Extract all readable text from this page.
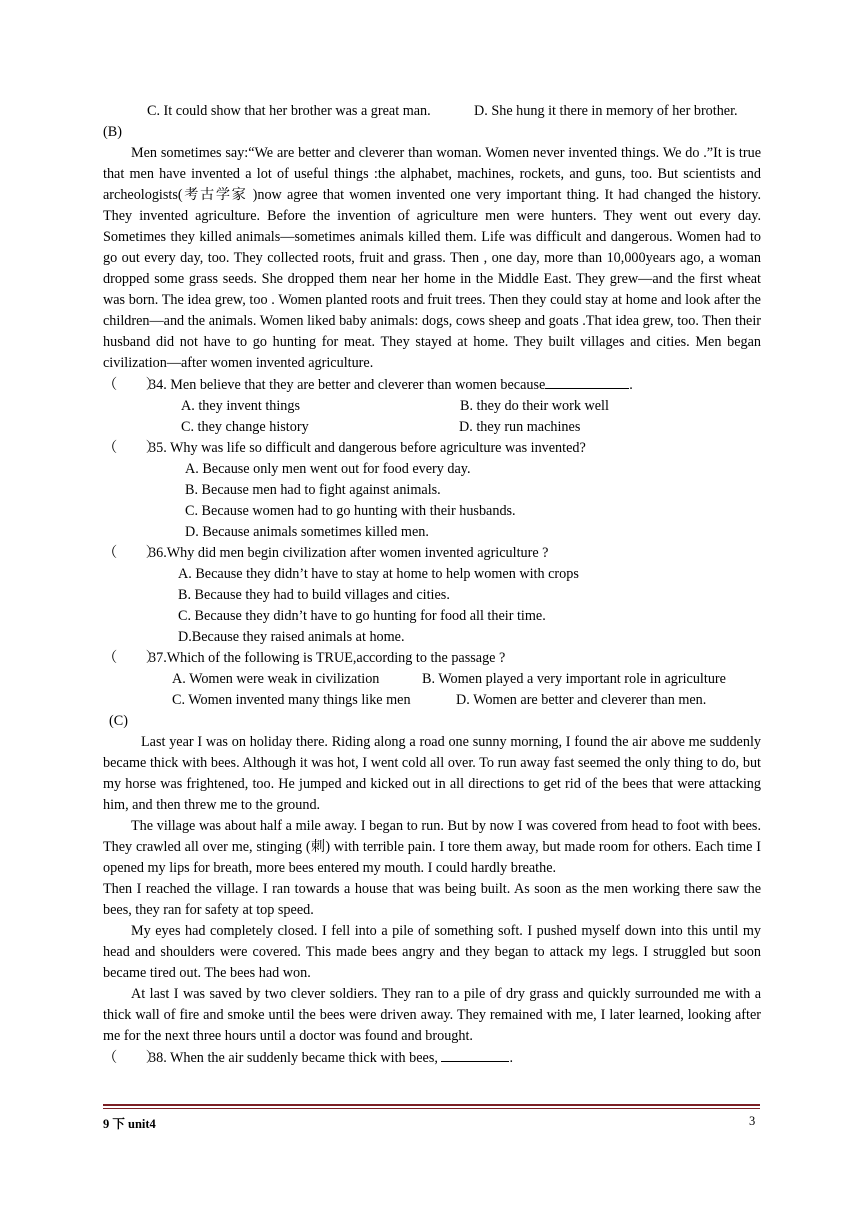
C. It could show that her brother was a great man.	D. She hung it there in memory of her brother.
(B)
Men sometimes say:“We are better and cleverer than woman. Women never invented things. We do .”It is true that men have invented a lot of useful things :the alphabet, machines, rockets, and guns, too. But scientists and archeologists(考古学家 )now agree that women invented one very important thing. It had changed the history. They invented agriculture. Before the invention of agriculture men were hunters. They went out every day. Sometimes they killed animals—sometimes animals killed them. Life was difficult and dangerous. Women had to go out every day, too. They collected roots, fruit and grass. Then , one day, more than 10,000years ago, a woman dropped some grass seeds. She dropped them near her home in the Middle East. They grew—and the first wheat was born. The idea grew, too . Women planted roots and fruit trees. Then they could stay at home and look after the children—and the animals. Women liked baby animals: dogs, cows sheep and goats .That idea grew, too. Then their husband did not have to go hunting for meat. They stayed at home. They built villages and cities. Men began civilization—after women invented agriculture.
（　　）34. Men believe that they are better and cleverer than women because	.
A. they invent things	B. they do their work well
C. they change history	D. they run machines
（　　）35. Why was life so difficult and dangerous before agriculture was invented?
A. Because only men went out for food every day.
B. Because men had to fight against animals.
C. Because women had to go hunting with their husbands.
D. Because animals sometimes killed men.
（　　）36.Why did men begin civilization after women invented agriculture ?
A. Because they didn’t have to stay at home to help women with crops
B. Because they had to build villages and cities.
C. Because they didn’t have to go hunting for food all their time.
D.Because they raised animals at home.
（　　）37.Which of the following is TRUE,according to the passage ?
A. Women were weak in civilization	B. Women played a very important role in agriculture
C. Women invented many things like men	D. Women are better and cleverer than men.
(C)
Last year I was on holiday there. Riding along a road one sunny morning, I found the air above me suddenly became thick with bees. Although it was hot, I went cold all over. To run away fast seemed the only thing to do, but my horse was frightened, too. He jumped and kicked out in all directions to get rid of the bees that were attacking him, and then threw me to the ground.
The village was about half a mile away. I began to run. But by now I was covered from head to foot with bees. They crawled all over me, stinging (刺) with terrible pain. I tore them away, but made room for others. Each time I opened my lips for breath, more bees entered my mouth. I could hardly breathe.
Then I reached the village. I ran towards a house that was being built. As soon as the men working there saw the bees, they ran for safety at top speed.
My eyes had completely closed. I fell into a pile of something soft. I pushed myself down into this until my head and shoulders were covered. This made bees angry and they began to attack my legs. I struggled but soon became tired out. The bees had won.
At last I was saved by two clever soldiers. They ran to a pile of dry grass and quickly surrounded me with a thick wall of fire and smoke until the bees were driven away. They remained with me, I later learned, looking after me for the next three hours until a doctor was found and brought.
（　　）38. When the air suddenly became thick with bees,	.
9 下 unit4	3
